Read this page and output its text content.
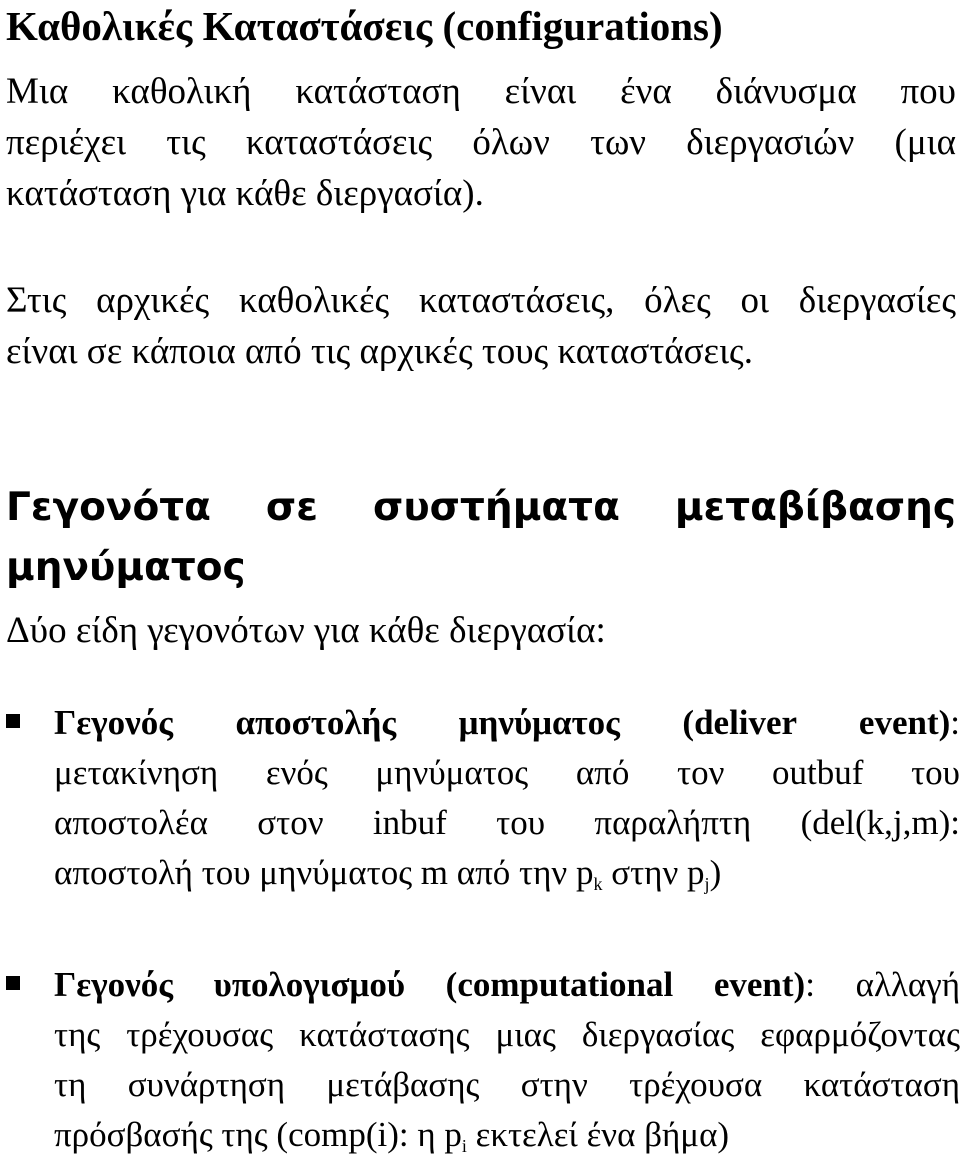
Καθολικές Καταστάσεις (configurations)
Μια καθολική κατάσταση είναι ένα διάνυσμα που
περιέχει τις καταστάσεις όλων των διεργασιών (μια
κατάσταση για κάθε διεργασία).
Στις αρχικές καθολικές καταστάσεις, όλες οι διεργασίες
είναι σε κάποια από τις αρχικές τους καταστάσεις.
Γεγονότα σε συστήματα μεταβίβασης
μηνύματος
Δύο είδη γεγονότων για κάθε διεργασία:
Γεγονός αποστολής μηνύματος (deliver event):
μετακίνηση ενός μηνύματος από τον outbuf του
αποστολέα στον inbuf του παραλήπτη (del(k,j,m):
αποστολή του μηνύματος m από την $p_k$ στην $p_j$)
Γεγονός υπολογισμού (computational event): αλλαγή
της τρέχουσας κατάστασης μιας διεργασίας εφαρμόζοντας
τη συνάρτηση μετάβασης στην τρέχουσα κατάσταση
πρόσβασής της (comp(i): η $p_i$ εκτελεί ένα βήμα)
